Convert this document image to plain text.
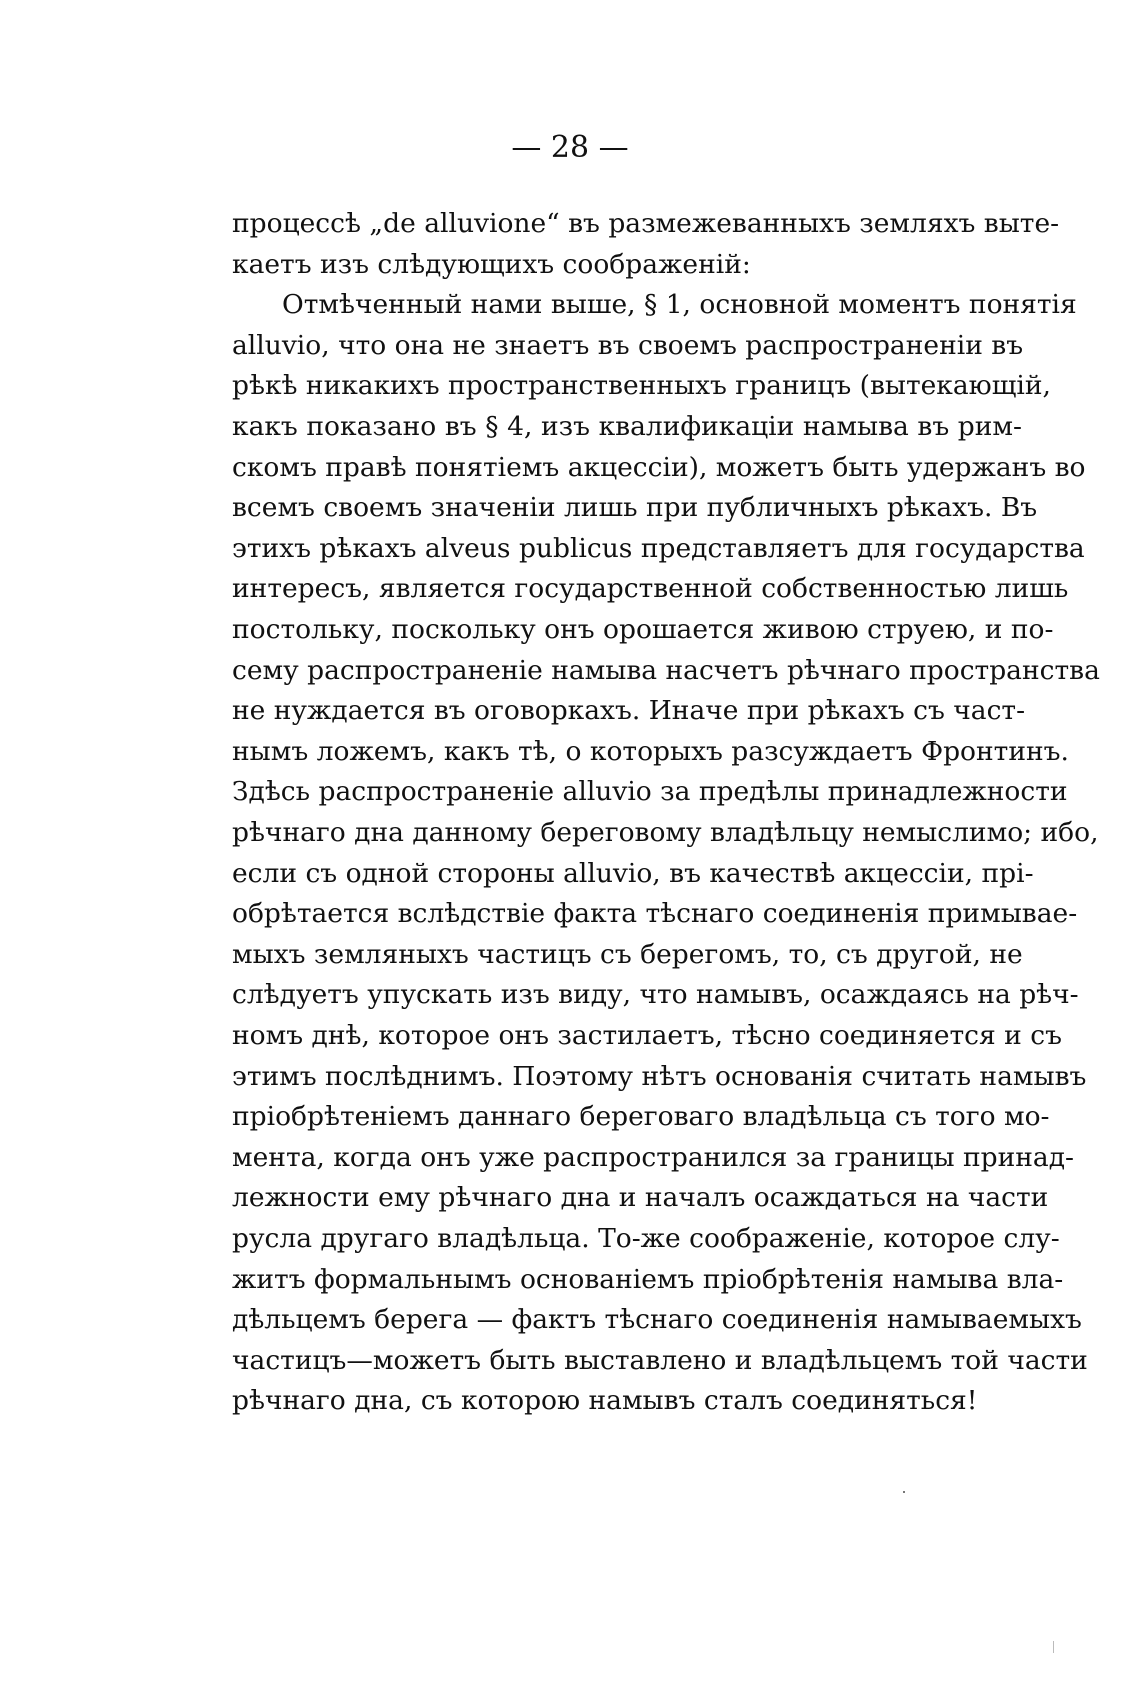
— 28 —
процессѣ „de alluvione“ въ размежеванныхъ земляхъ выте-
каетъ изъ слѣдующихъ соображеній:
Отмѣченный нами выше, § 1, основной моментъ понятія
alluvio, что она не знаетъ въ своемъ распространеніи въ
рѣкѣ никакихъ пространственныхъ границъ (вытекающій,
какъ показано въ § 4, изъ квалификаціи намыва въ рим-
скомъ правѣ понятіемъ акцессіи), можетъ быть удержанъ во
всемъ своемъ значеніи лишь при публичныхъ рѣкахъ. Въ
этихъ рѣкахъ alveus publicus представляетъ для государства
интересъ, является государственной собственностью лишь
постольку, поскольку онъ орошается живою струею, и по-
сему распространеніе намыва насчетъ рѣчнаго пространства
не нуждается въ оговоркахъ. Иначе при рѣкахъ съ част-
нымъ ложемъ, какъ тѣ, о которыхъ разсуждаетъ Фронтинъ.
Здѣсь распространеніе alluvio за предѣлы принадлежности
рѣчнаго дна данному береговому владѣльцу немыслимо; ибо,
если съ одной стороны alluvio, въ качествѣ акцессіи, прі-
обрѣтается вслѣдствіе факта тѣснаго соединенія примываe-
мыхъ земляныхъ частицъ съ берегомъ, то, съ другой, не
слѣдуетъ упускать изъ виду, что намывъ, осаждаясь на рѣч-
номъ днѣ, которое онъ застилаетъ, тѣсно соединяется и съ
этимъ послѣднимъ. Поэтому нѣтъ основанія считать намывъ
пріобрѣтеніемъ даннаго береговаго владѣльца съ того мо-
мента, когда онъ уже распространился за границы принад-
лежности ему рѣчнаго дна и началъ осаждаться на части
русла другаго владѣльца. То-же соображеніе, которое слу-
житъ формальнымъ основаніемъ пріобрѣтенія намыва вла-
дѣльцемъ берега — фактъ тѣснаго соединенія намываемыхъ
частицъ—можетъ быть выставлено и владѣльцемъ той части
рѣчнаго дна, съ которою намывъ сталъ соединяться!
